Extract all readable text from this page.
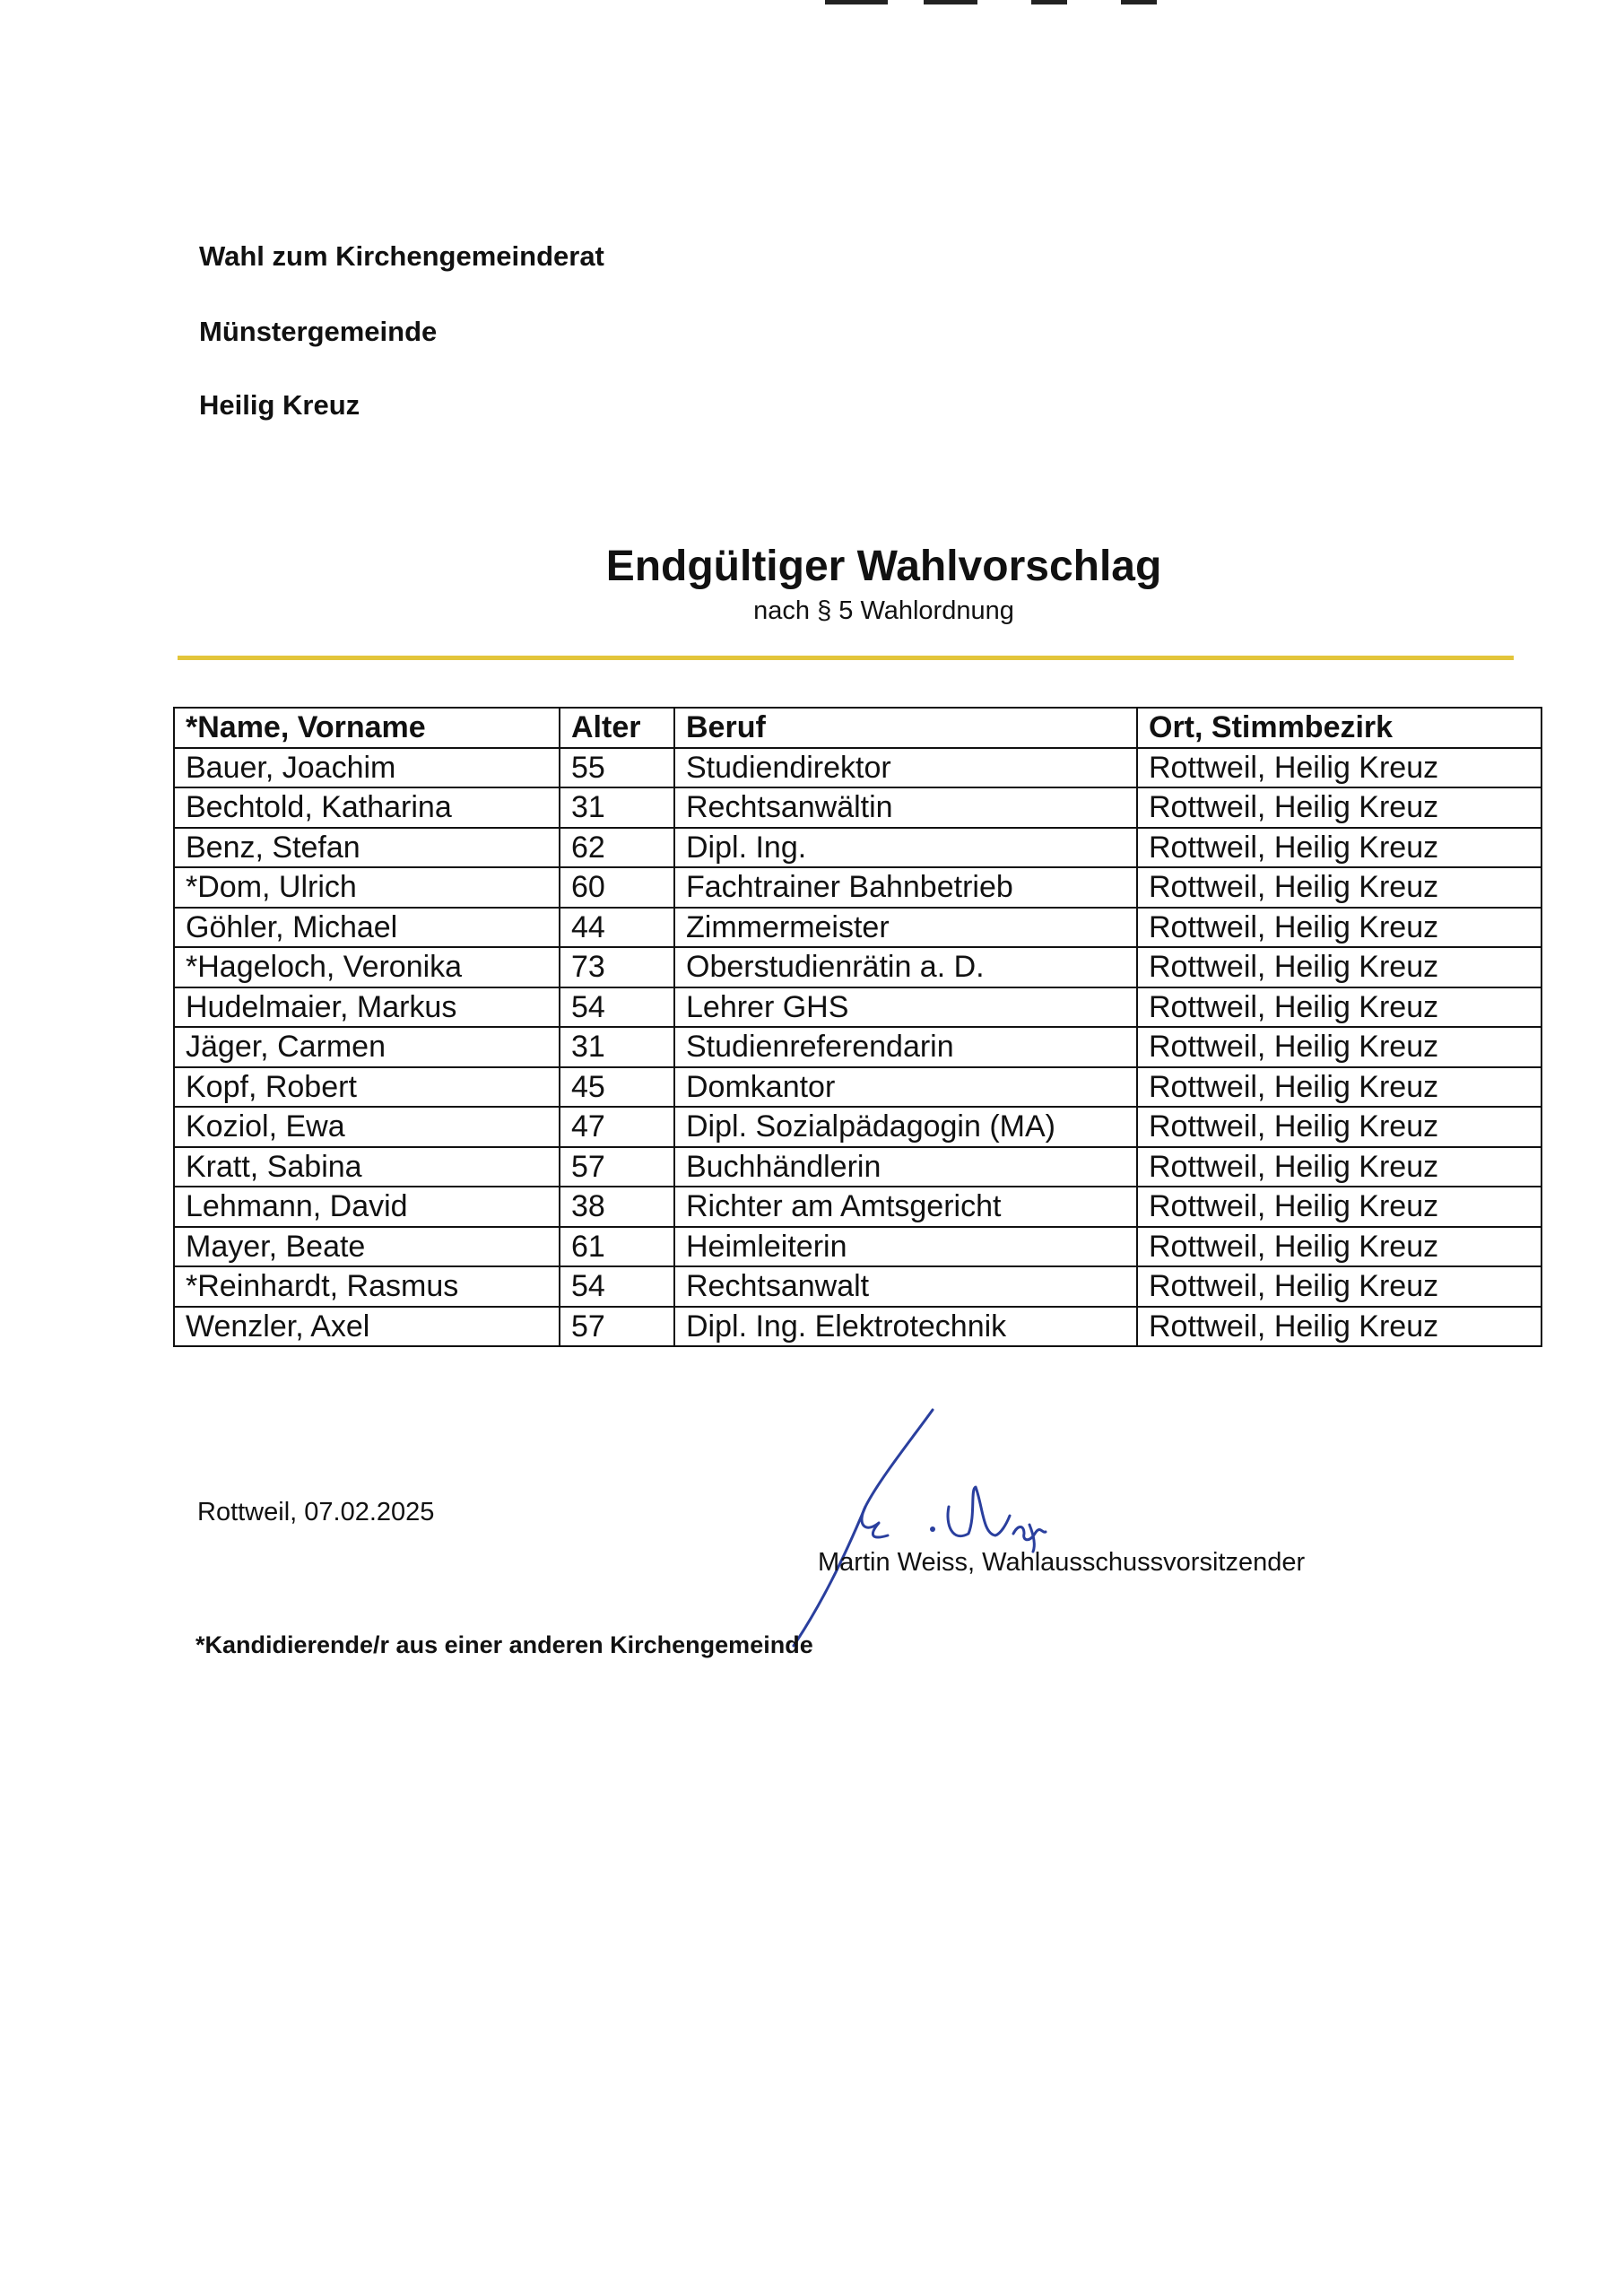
Wahl zum Kirchengemeinderat
Münstergemeinde
Heilig Kreuz
Endgültiger Wahlvorschlag
nach § 5 Wahlordnung
*Name, Vorname	Alter	Beruf	Ort, Stimmbezirk
Bauer, Joachim	55	Studiendirektor	Rottweil, Heilig Kreuz
Bechtold, Katharina	31	Rechtsanwältin	Rottweil, Heilig Kreuz
Benz, Stefan	62	Dipl. Ing.	Rottweil, Heilig Kreuz
*Dom, Ulrich	60	Fachtrainer Bahnbetrieb	Rottweil, Heilig Kreuz
Göhler, Michael	44	Zimmermeister	Rottweil, Heilig Kreuz
*Hageloch, Veronika	73	Oberstudienrätin a. D.	Rottweil, Heilig Kreuz
Hudelmaier, Markus	54	Lehrer GHS	Rottweil, Heilig Kreuz
Jäger, Carmen	31	Studienreferendarin	Rottweil, Heilig Kreuz
Kopf, Robert	45	Domkantor	Rottweil, Heilig Kreuz
Koziol, Ewa	47	Dipl. Sozialpädagogin (MA)	Rottweil, Heilig Kreuz
Kratt, Sabina	57	Buchhändlerin	Rottweil, Heilig Kreuz
Lehmann, David	38	Richter am Amtsgericht	Rottweil, Heilig Kreuz
Mayer, Beate	61	Heimleiterin	Rottweil, Heilig Kreuz
*Reinhardt, Rasmus	54	Rechtsanwalt	Rottweil, Heilig Kreuz
Wenzler, Axel	57	Dipl. Ing. Elektrotechnik	Rottweil, Heilig Kreuz
Rottweil, 07.02.2025
Martin Weiss, Wahlausschussvorsitzender
*Kandidierende/r aus einer anderen Kirchengemeinde
